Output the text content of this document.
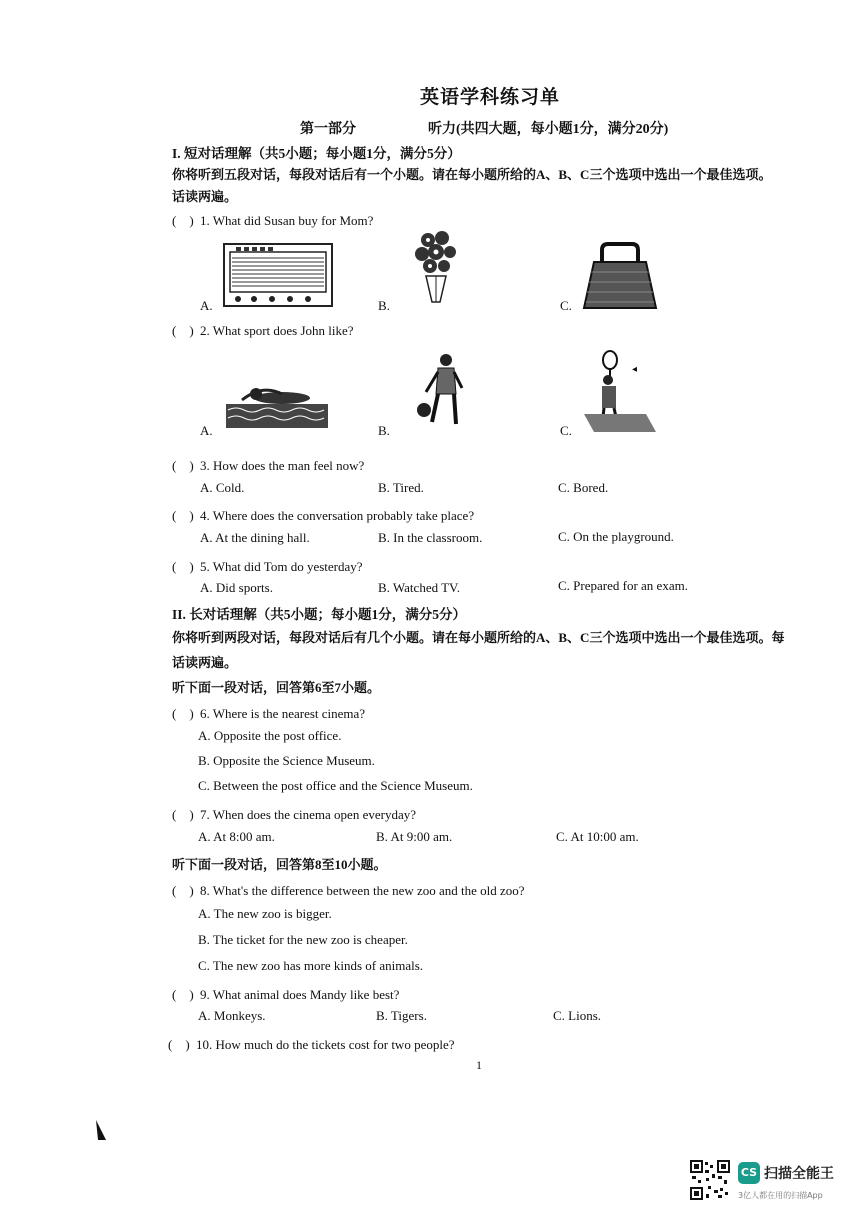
英语学科练习单
第一部分	听力(共四大题，每小题1分，满分20分)
I. 短对话理解（共5小题；每小题1分，满分5分）
你将听到五段对话，每段对话后有一个小题。请在每小题所给的A、B、C三个选项中选出一个最佳选项。
话读两遍。
(　) 1. What did Susan buy for Mom?
A.	B.	C.
(　) 2. What sport does John like?
A.	B.	C.
◂
(　) 3. How does the man feel now?
A. Cold.	B. Tired.	C. Bored.
(　) 4. Where does the conversation probably take place?
A. At the dining hall.	B. In the classroom.	C. On the playground.
(　) 5. What did Tom do yesterday?
A. Did sports.	B. Watched TV.	C. Prepared for an exam.
II. 长对话理解（共5小题；每小题1分，满分5分）
你将听到两段对话，每段对话后有几个小题。请在每小题所给的A、B、C三个选项中选出一个最佳选项。每
话读两遍。
听下面一段对话，回答第6至7小题。
(　) 6. Where is the nearest cinema?
A. Opposite the post office.
B. Opposite the Science Museum.
C. Between the post office and the Science Museum.
(　) 7. When does the cinema open everyday?
A. At 8:00 am.	B. At 9:00 am.	C. At 10:00 am.
听下面一段对话，回答第8至10小题。
(　) 8. What's the difference between the new zoo and the old zoo?
A. The new zoo is bigger.
B. The ticket for the new zoo is cheaper.
C. The new zoo has more kinds of animals.
(　) 9. What animal does Mandy like best?
A. Monkeys.	B. Tigers.	C. Lions.
(　) 10. How much do the tickets cost for two people?
1
CS 扫描全能王
3亿人都在用的扫描App
